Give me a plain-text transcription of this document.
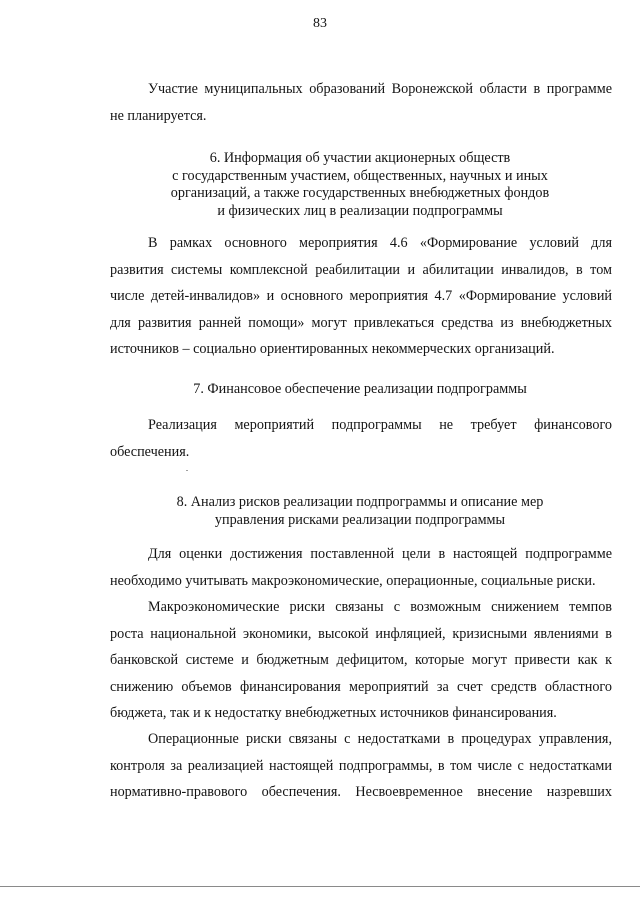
83
Участие муниципальных образований Воронежской области в программе
не планируется.
6. Информация об участии акционерных обществ
с государственным участием, общественных, научных и иных
организаций, а также государственных внебюджетных фондов
и физических лиц в реализации подпрограммы
В рамках основного мероприятия 4.6 «Формирование условий для
развития системы комплексной реабилитации и абилитации инвалидов, в том
числе детей-инвалидов» и основного мероприятия 4.7 «Формирование условий
для развития ранней помощи» могут привлекаться средства из внебюджетных
источников – социально ориентированных некоммерческих организаций.
7. Финансовое обеспечение реализации подпрограммы
Реализация мероприятий подпрограммы не требует финансового
обеспечения.
8. Анализ рисков реализации подпрограммы и описание мер
управления рисками реализации подпрограммы
Для оценки достижения поставленной цели в настоящей подпрограмме
необходимо учитывать макроэкономические, операционные, социальные риски.
Макроэкономические риски связаны с возможным снижением темпов
роста национальной экономики, высокой инфляцией, кризисными явлениями в
банковской системе и бюджетным дефицитом, которые могут привести как к
снижению объемов финансирования мероприятий за счет средств областного
бюджета, так и к недостатку внебюджетных источников финансирования.
Операционные риски связаны с недостатками в процедурах управления,
контроля за реализацией настоящей подпрограммы, в том числе с недостатками
нормативно-правового обеспечения. Несвоевременное внесение назревших
